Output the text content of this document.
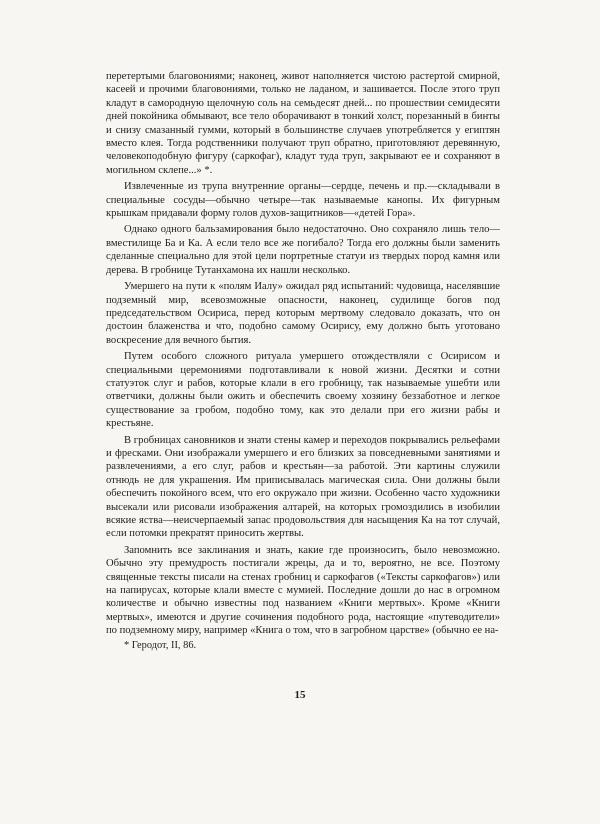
перетертыми благовониями; наконец, живот наполняется чистою растертой смирной, касеей и прочими благовониями, только не ладаном, и зашивается. После этого труп кладут в самородную щелочную соль на семьдесят дней... по прошествии семидесяти дней покойника обмывают, все тело оборачивают в тонкий холст, порезанный в бинты и снизу смазанный гумми, который в большинстве случаев употребляется у египтян вместо клея. Тогда родственники получают труп обратно, приготовляют деревянную, человекоподобную фигуру (саркофаг), кладут туда труп, закрывают ее и сохраняют в могильном склепе...» *.

Извлеченные из трупа внутренние органы—сердце, печень и пр.—складывали в специальные сосуды—обычно четыре—так называемые канопы. Их фигурным крышкам придавали форму голов духов-защитников—«детей Гора».

Однако одного бальзамирования было недостаточно. Оно сохраняло лишь тело—вместилище Ба и Ка. А если тело все же погибало? Тогда его должны были заменить сделанные специально для этой цели портретные статуи из твердых пород камня или дерева. В гробнице Тутанхамона их нашли несколько.

Умершего на пути к «полям Иалу» ожидал ряд испытаний: чудовища, населявшие подземный мир, всевозможные опасности, наконец, судилище богов под председательством Осириса, перед которым мертвому следовало доказать, что он достоин блаженства и что, подобно самому Осирису, ему должно быть уготовано воскресение для вечного бытия.

Путем особого сложного ритуала умершего отождествляли с Осирисом и специальными церемониями подготавливали к новой жизни. Десятки и сотни статуэток слуг и рабов, которые клали в его гробницу, так называемые ушебти или ответчики, должны были ожить и обеспечить своему хозяину беззаботное и легкое существование за гробом, подобно тому, как это делали при его жизни рабы и крестьяне.

В гробницах сановников и знати стены камер и переходов покрывались рельефами и фресками. Они изображали умершего и его близких за повседневными занятиями и развлечениями, а его слуг, рабов и крестьян—за работой. Эти картины служили отнюдь не для украшения. Им приписывалась магическая сила. Они должны были обеспечить покойного всем, что его окружало при жизни. Особенно часто художники высекали или рисовали изображения алтарей, на которых громоздились в изобилии всякие яства—неисчерпаемый запас продовольствия для насыщения Ка на тот случай, если потомки прекратят приносить жертвы.

Запомнить все заклинания и знать, какие где произносить, было невозможно. Обычно эту премудрость постигали жрецы, да и то, вероятно, не все. Поэтому священные тексты писали на стенах гробниц и саркофагов («Тексты саркофагов») или на папирусах, которые клали вместе с мумией. Последние дошли до нас в огромном количестве и обычно известны под названием «Книги мертвых». Кроме «Книги мертвых», имеются и другие сочинения подобного рода, настоящие «путеводители» по подземному миру, например «Книга о том, что в загробном царстве» (обычно ее на-

* Геродот, II, 86.
15
